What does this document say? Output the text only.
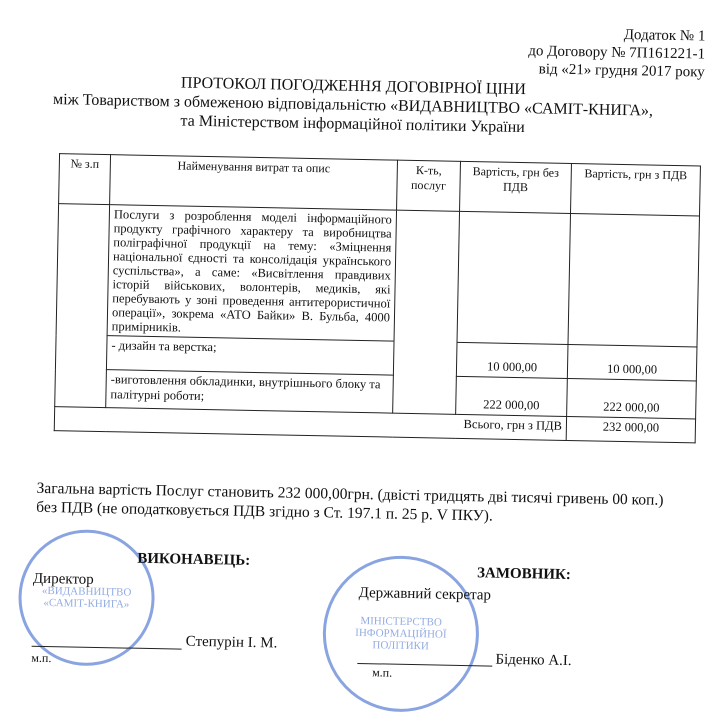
Додаток № 1
до Договору № 7П161221-1
від «21» грудня 2017 року
ПРОТОКОЛ ПОГОДЖЕННЯ ДОГОВІРНОЇ ЦІНИ
між Товариством з обмеженою відповідальністю «ВИДАВНИЦТВО «САМІТ-КНИГА»,
та Міністерством інформаційної політики України
№ з.п	Найменування витрат та опис	К-ть, послуг	Вартість, грн без ПДВ	Вартість, грн з ПДВ
	Послуги з розроблення моделі інформаційного продукту графічного характеру та виробництва поліграфічної продукції на тему: «Зміцнення національної єдності та консолідація українського суспільства», а саме: «Висвітлення правдивих історій військових, волонтерів, медиків, які перебувають у зоні проведення антитерористичної операції», зокрема «АТО Байки» В. Бульба, 4000 примірників.			
	- дизайн та верстка;		10 000,00	10 000,00
	-виготовлення обкладинки, внутрішнього блоку та палітурні роботи;		222 000,00	222 000,00
Всього, грн з ПДВ				232 000,00
Загальна вартість Послуг становить 232 000,00грн. (двісті тридцять дві тисячі гривень 00 коп.) без ПДВ (не оподатковується ПДВ згідно з Ст. 197.1 п. 25 р. V ПКУ).
«ВИДАВНИЦТВО «САМІТ-КНИГА»
МІНІСТЕРСТВО ІНФОРМАЦІЙНОЇ ПОЛІТИКИ
ВИКОНАВЕЦЬ:
Директор
Степурін І. М.
м.п.
ЗАМОВНИК:
Державний секретар
Біденко А.І.
м.п.
